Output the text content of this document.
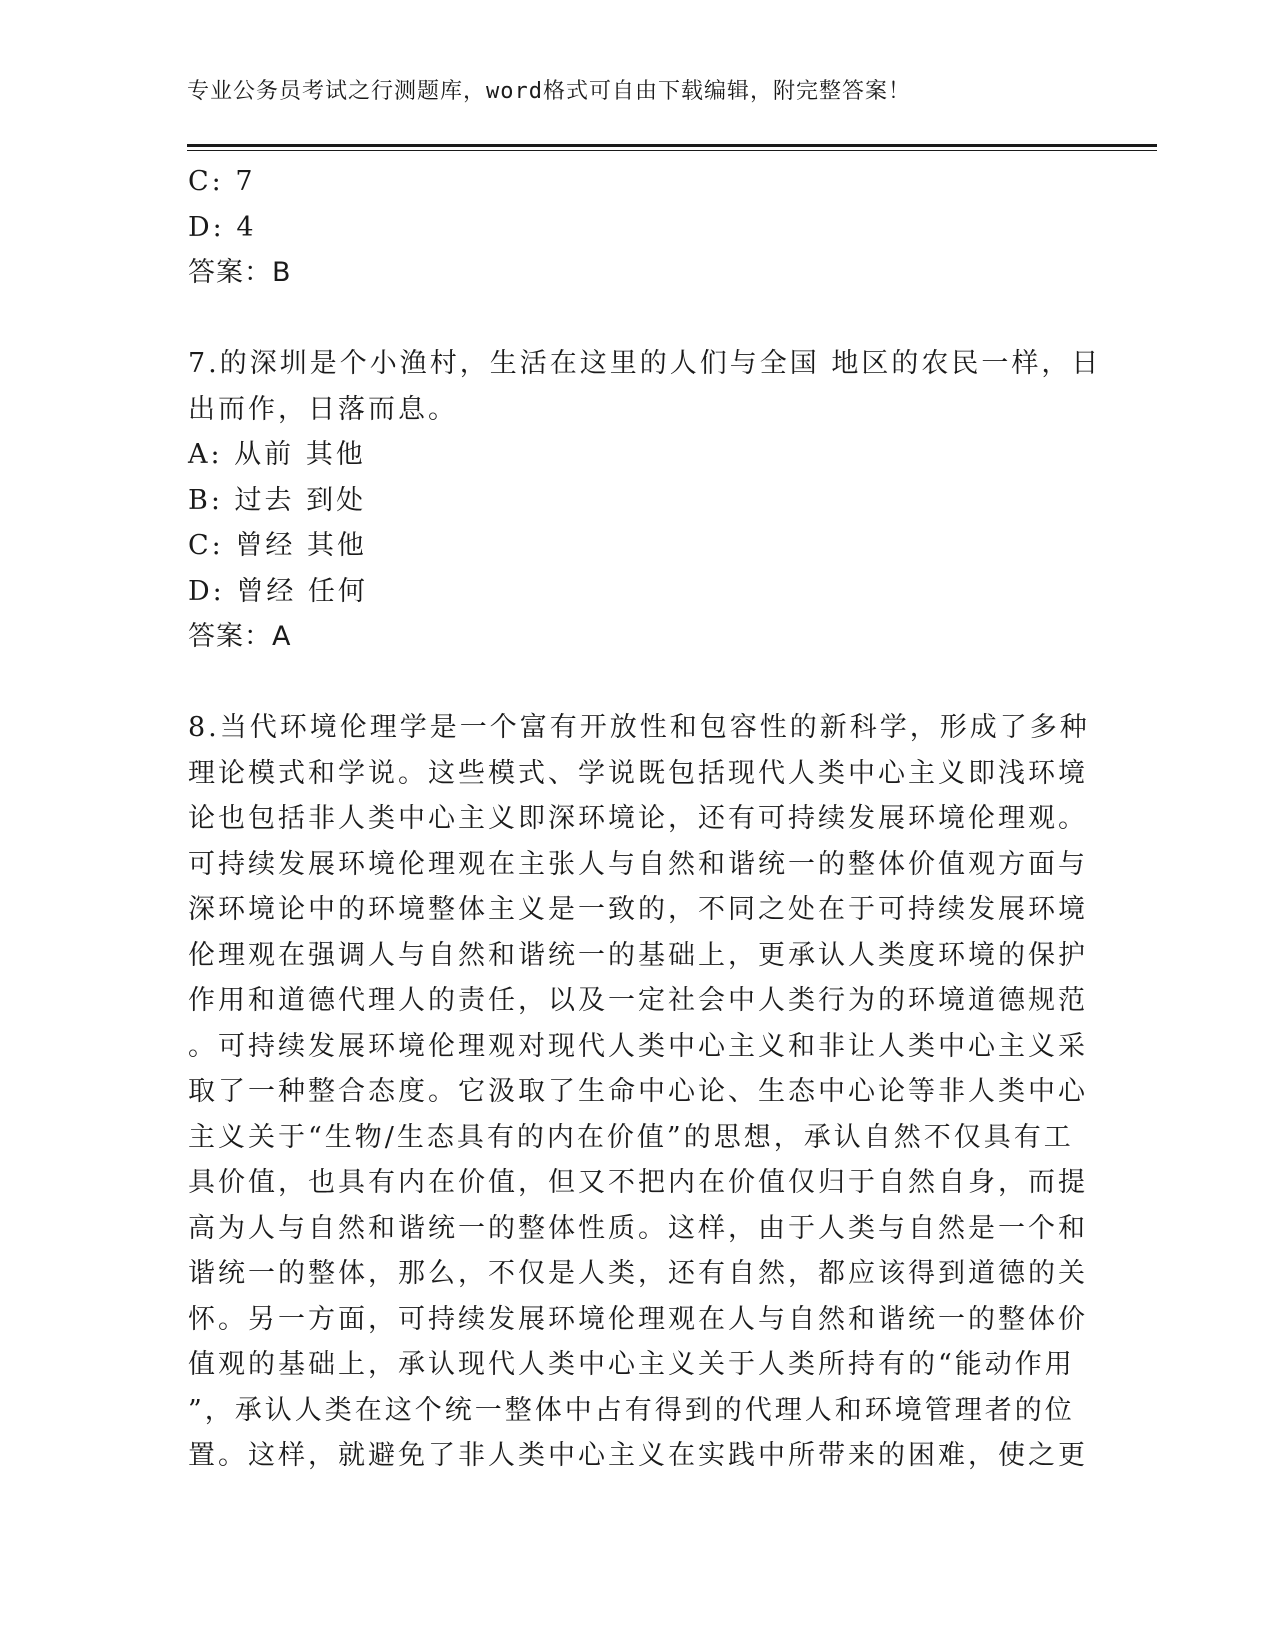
专业公务员考试之行测题库，word格式可自由下载编辑，附完整答案！
C: 7
D: 4
答案：B
7.的深圳是个小渔村，生活在这里的人们与全国 地区的农民一样，日
出而作，日落而息。
A: 从前 其他
B: 过去 到处
C: 曾经 其他
D: 曾经 任何
答案：A
8.当代环境伦理学是一个富有开放性和包容性的新科学，形成了多种
理论模式和学说。这些模式、学说既包括现代人类中心主义即浅环境
论也包括非人类中心主义即深环境论，还有可持续发展环境伦理观。
可持续发展环境伦理观在主张人与自然和谐统一的整体价值观方面与
深环境论中的环境整体主义是一致的，不同之处在于可持续发展环境
伦理观在强调人与自然和谐统一的基础上，更承认人类度环境的保护
作用和道德代理人的责任，以及一定社会中人类行为的环境道德规范
。可持续发展环境伦理观对现代人类中心主义和非让人类中心主义采
取了一种整合态度。它汲取了生命中心论、生态中心论等非人类中心
主义关于“生物/生态具有的内在价值”的思想，承认自然不仅具有工
具价值，也具有内在价值，但又不把内在价值仅归于自然自身，而提
高为人与自然和谐统一的整体性质。这样，由于人类与自然是一个和
谐统一的整体，那么，不仅是人类，还有自然，都应该得到道德的关
怀。另一方面，可持续发展环境伦理观在人与自然和谐统一的整体价
值观的基础上，承认现代人类中心主义关于人类所持有的“能动作用
”，承认人类在这个统一整体中占有得到的代理人和环境管理者的位
置。这样，就避免了非人类中心主义在实践中所带来的困难，使之更
